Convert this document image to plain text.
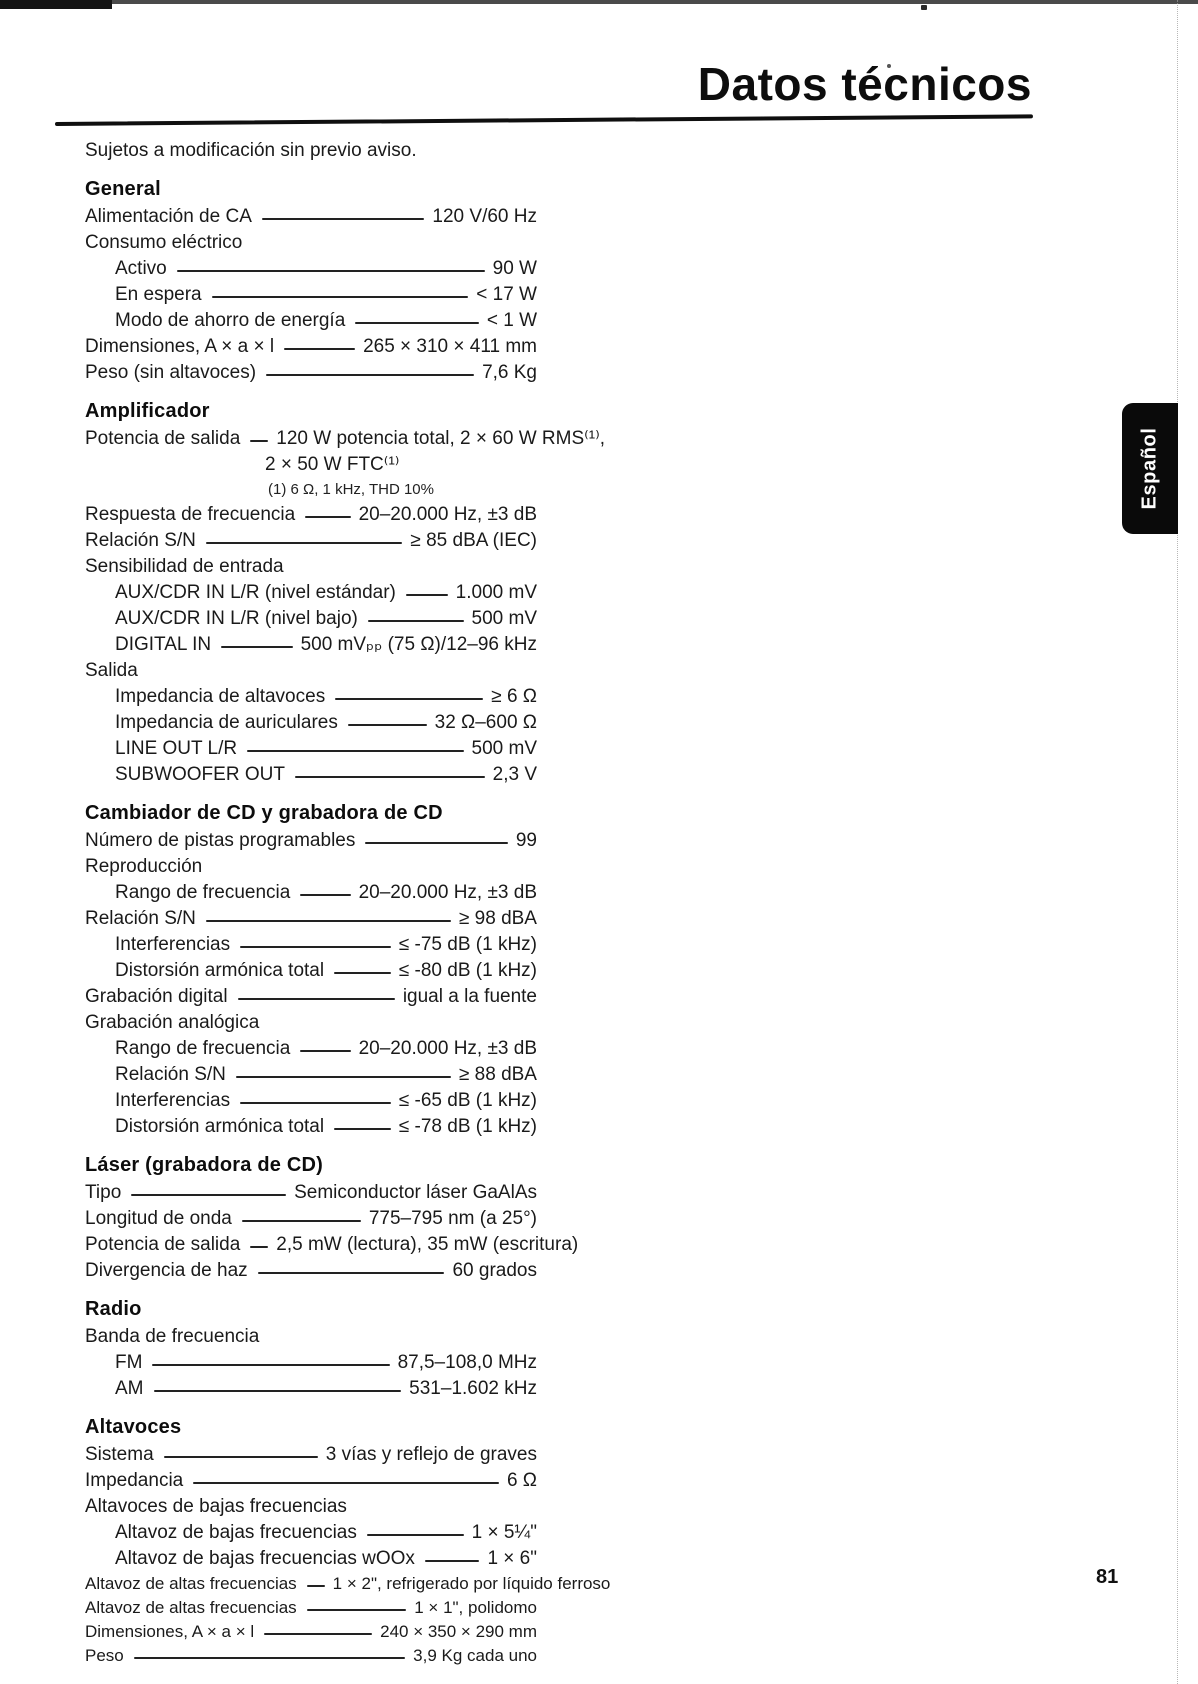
Datos técnicos

Sujetos a modificación sin previo aviso.

General
Alimentación de CA	120 V/60 Hz
Consumo eléctrico
Activo	90 W
En espera	< 17 W
Modo de ahorro de energía	< 1 W
Dimensiones, A × a × l	265 × 310 × 411 mm
Peso (sin altavoces)	7,6 Kg
Amplificador
Potencia de salida 120 W potencia total, 2 × 60 W RMS⁽¹⁾,
2 × 50 W FTC⁽¹⁾
(1) 6 Ω, 1 kHz, THD 10%
Respuesta de frecuencia	20–20.000 Hz, ±3 dB
Relación S/N	≥ 85 dBA (IEC)
Sensibilidad de entrada
AUX/CDR IN L/R (nivel estándar)	1.000 mV
AUX/CDR IN L/R (nivel bajo)	500 mV
DIGITAL IN	500 mVₚₚ (75 Ω)/12–96 kHz
Salida
Impedancia de altavoces	≥ 6 Ω
Impedancia de auriculares	32 Ω–600 Ω
LINE OUT L/R	500 mV
SUBWOOFER OUT	2,3 V
Cambiador de CD y grabadora de CD
Número de pistas programables	99
Reproducción
Rango de frecuencia	20–20.000 Hz, ±3 dB
Relación S/N	≥ 98 dBA
Interferencias	≤ -75 dB (1 kHz)
Distorsión armónica total	≤ -80 dB (1 kHz)
Grabación digital	igual a la fuente
Grabación analógica
Rango de frecuencia	20–20.000 Hz, ±3 dB
Relación S/N	≥ 88 dBA
Interferencias	≤ -65 dB (1 kHz)
Distorsión armónica total	≤ -78 dB (1 kHz)
Láser (grabadora de CD)
Tipo	Semiconductor láser GaAlAs
Longitud de onda	775–795 nm (a 25°)
Potencia de salida 2,5 mW (lectura), 35 mW (escritura)
Divergencia de haz	60 grados
Radio
Banda de frecuencia
FM	87,5–108,0 MHz
AM	531–1.602 kHz
Altavoces
Sistema	3 vías y reflejo de graves
Impedancia	6 Ω
Altavoces de bajas frecuencias
Altavoz de bajas frecuencias	1 × 5¼"
Altavoz de bajas frecuencias wOOx	1 × 6"
Altavoz de altas frecuencias 1 × 2", refrigerado por líquido ferroso
Altavoz de altas frecuencias	1 × 1", polidomo
Dimensiones, A × a × l	240 × 350 × 290 mm
Peso	3,9 Kg cada uno
Español
81
